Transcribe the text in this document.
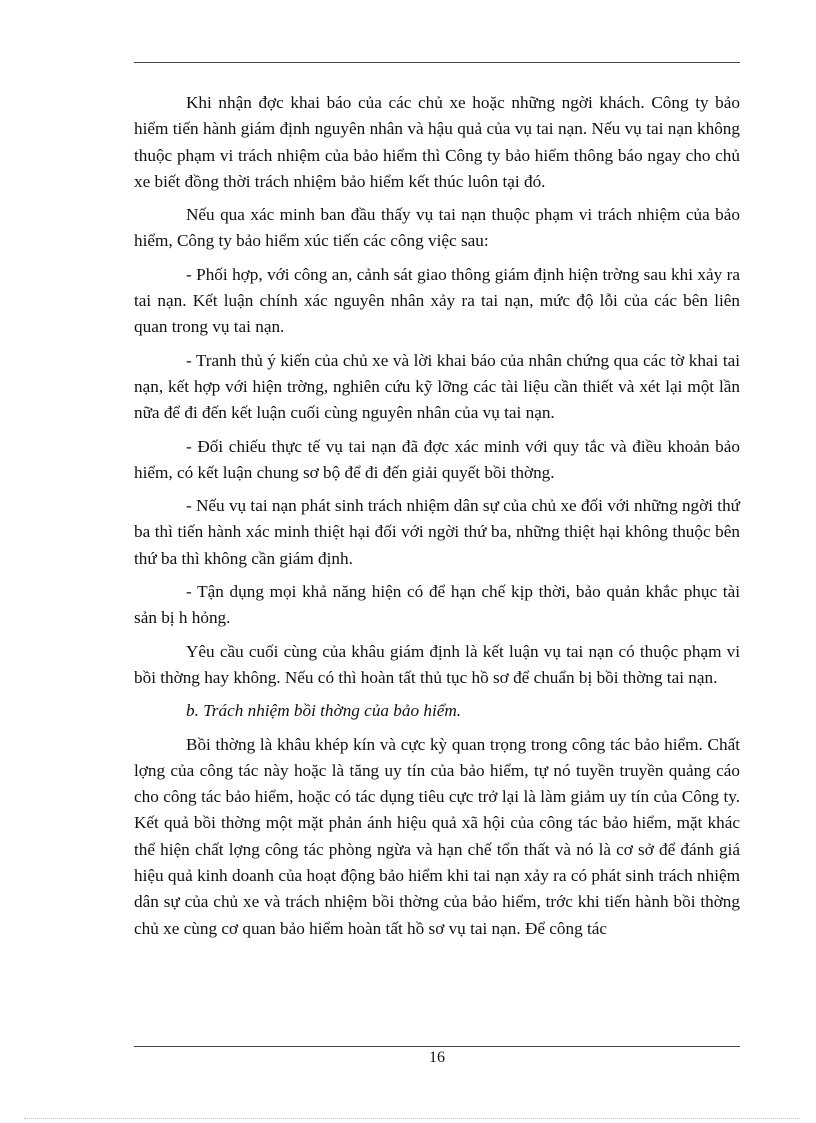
Khi nhận đợc khai báo của các chủ xe hoặc những ngời khách. Công ty bảo hiểm tiến hành giám định nguyên nhân và hậu quả của vụ tai nạn. Nếu vụ tai nạn không thuộc phạm vi trách nhiệm của bảo hiểm thì Công ty bảo hiểm thông báo ngay cho chủ xe biết đồng thời trách nhiệm bảo hiểm kết thúc luôn tại đó.

Nếu qua xác minh ban đầu thấy vụ tai nạn thuộc phạm vi trách nhiệm của bảo hiểm, Công ty bảo hiểm xúc tiến các công việc sau:

- Phối hợp, với công an, cảnh sát giao thông giám định hiện trờng sau khi xảy ra tai nạn. Kết luận chính xác nguyên nhân xảy ra tai nạn, mức độ lỗi của các bên liên quan trong vụ tai nạn.

- Tranh thủ ý kiến của chủ xe và lời khai báo của nhân chứng qua các tờ khai tai nạn, kết hợp với hiện trờng, nghiên cứu kỹ lỡng các tài liệu cần thiết và xét lại một lần nữa để đi đến kết luận cuối cùng nguyên nhân của vụ tai nạn.

- Đối chiếu thực tế vụ tai nạn đã đợc xác minh với quy tắc và điều khoản bảo hiểm, có kết luận chung sơ bộ để đi đến giải quyết bồi thờng.

- Nếu vụ tai nạn phát sinh trách nhiệm dân sự của chủ xe đối với những ngời thứ ba thì tiến hành xác minh thiệt hại đối với ngời thứ ba, những thiệt hại không thuộc bên thứ ba thì không cần giám định.

- Tận dụng mọi khả năng hiện có để hạn chế kịp thời, bảo quản khắc phục tài sản bị h hỏng.

Yêu cầu cuối cùng của khâu giám định là kết luận vụ tai nạn có thuộc phạm vi bồi thờng hay không. Nếu có thì hoàn tất thủ tục hồ sơ để chuẩn bị bồi thờng tai nạn.

b. Trách nhiệm bồi thờng của bảo hiểm.

Bồi thờng là khâu khép kín và cực kỳ quan trọng trong công tác bảo hiểm. Chất lợng của công tác này hoặc là tăng uy tín của bảo hiểm, tự nó tuyền truyền quảng cáo cho công tác bảo hiểm, hoặc có tác dụng tiêu cực trở lại là làm giảm uy tín của Công ty. Kết quả bồi thờng một mặt phản ánh hiệu quả xã hội của công tác bảo hiểm, mặt khác thể hiện chất lợng công tác phòng ngừa và hạn chế tổn thất và nó là cơ sở để đánh giá hiệu quả kinh doanh của hoạt động bảo hiểm khi tai nạn xảy ra có phát sinh trách nhiệm dân sự của chủ xe và trách nhiệm bồi thờng của bảo hiểm, trớc khi tiến hành bồi thờng chủ xe cùng cơ quan bảo hiểm hoàn tất hồ sơ vụ tai nạn. Để công tác

16
